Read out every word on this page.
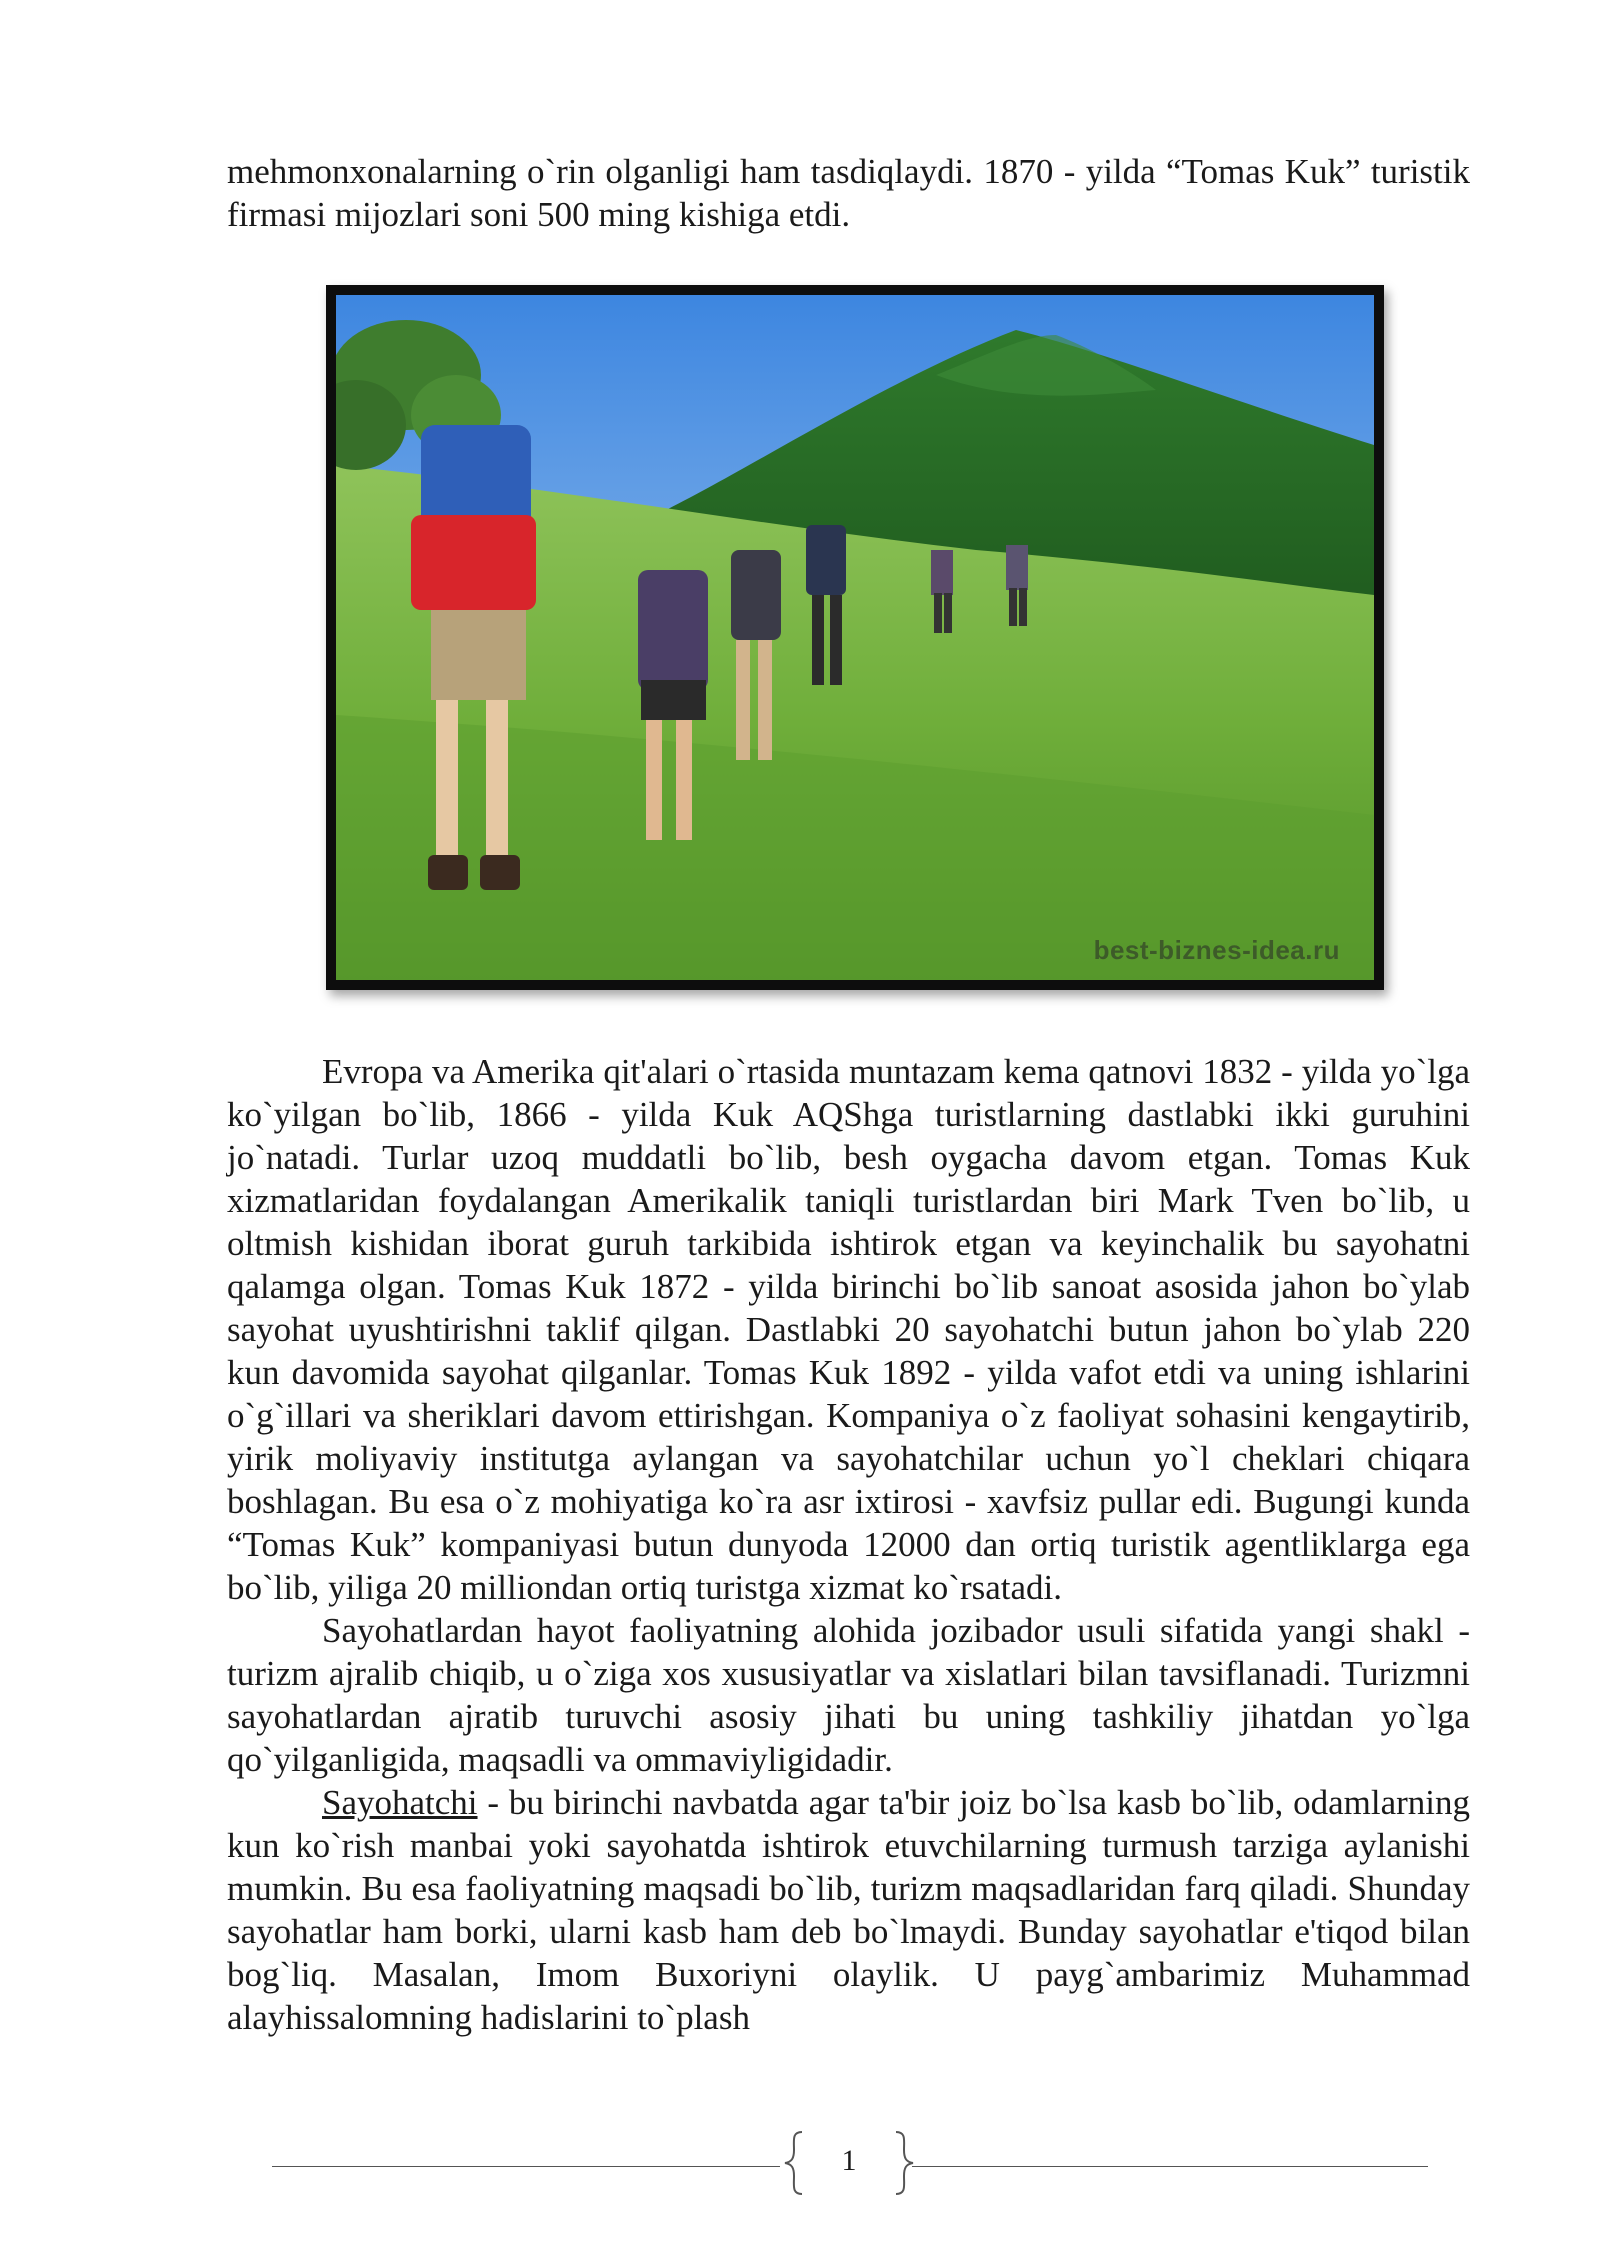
mehmonxonalarning o`rin olganligi ham tasdiqlaydi. 1870 - yilda “Tomas Kuk” turistik firmasi mijozlari soni 500 ming kishiga etdi.

best-biznes-idea.ru

Evropa va Amerika qit'alari o`rtasida muntazam kema qatnovi 1832 - yilda yo`lga ko`yilgan bo`lib, 1866 - yilda Kuk AQShga turistlarning dastlabki ikki guruhini jo`natadi. Turlar uzoq muddatli bo`lib, besh oygacha davom etgan. Tomas Kuk xizmatlaridan foydalangan Amerikalik taniqli turistlardan biri Mark Tven bo`lib, u oltmish kishidan iborat guruh tarkibida ishtirok etgan va keyinchalik bu sayohatni qalamga olgan. Tomas Kuk 1872 - yilda birinchi bo`lib sanoat asosida jahon bo`ylab sayohat uyushtirishni taklif qilgan. Dastlabki 20 sayohatchi butun jahon bo`ylab 220 kun davomida sayohat qilganlar. Tomas Kuk 1892 - yilda vafot etdi va uning ishlarini o`g`illari va sheriklari davom ettirishgan. Kompaniya o`z faoliyat sohasini kengaytirib, yirik moliyaviy institutga aylangan va sayohatchilar uchun yo`l cheklari chiqara boshlagan. Bu esa o`z mohiyatiga ko`ra asr ixtirosi - xavfsiz pullar edi. Bugungi kunda “Tomas Kuk” kompaniyasi butun dunyoda 12000 dan ortiq turistik agentliklarga ega bo`lib, yiliga 20 milliondan ortiq turistga xizmat ko`rsatadi.

Sayohatlardan hayot faoliyatning alohida jozibador usuli sifatida yangi shakl - turizm ajralib chiqib, u o`ziga xos xususiyatlar va xislatlari bilan tavsiflanadi. Turizmni sayohatlardan ajratib turuvchi asosiy jihati bu uning tashkiliy jihatdan yo`lga qo`yilganligida, maqsadli va ommaviyligidadir.

Sayohatchi - bu birinchi navbatda agar ta'bir joiz bo`lsa kasb bo`lib, odamlarning kun ko`rish manbai yoki sayohatda ishtirok etuvchilarning turmush tarziga aylanishi mumkin. Bu esa faoliyatning maqsadi bo`lib, turizm maqsadlaridan farq qiladi. Shunday sayohatlar ham borki, ularni kasb ham deb bo`lmaydi. Bunday sayohatlar e'tiqod bilan bog`liq. Masalan, Imom Buxoriyni olaylik. U payg`ambarimiz Muhammad alayhissalomning hadislarini to`plash

1
